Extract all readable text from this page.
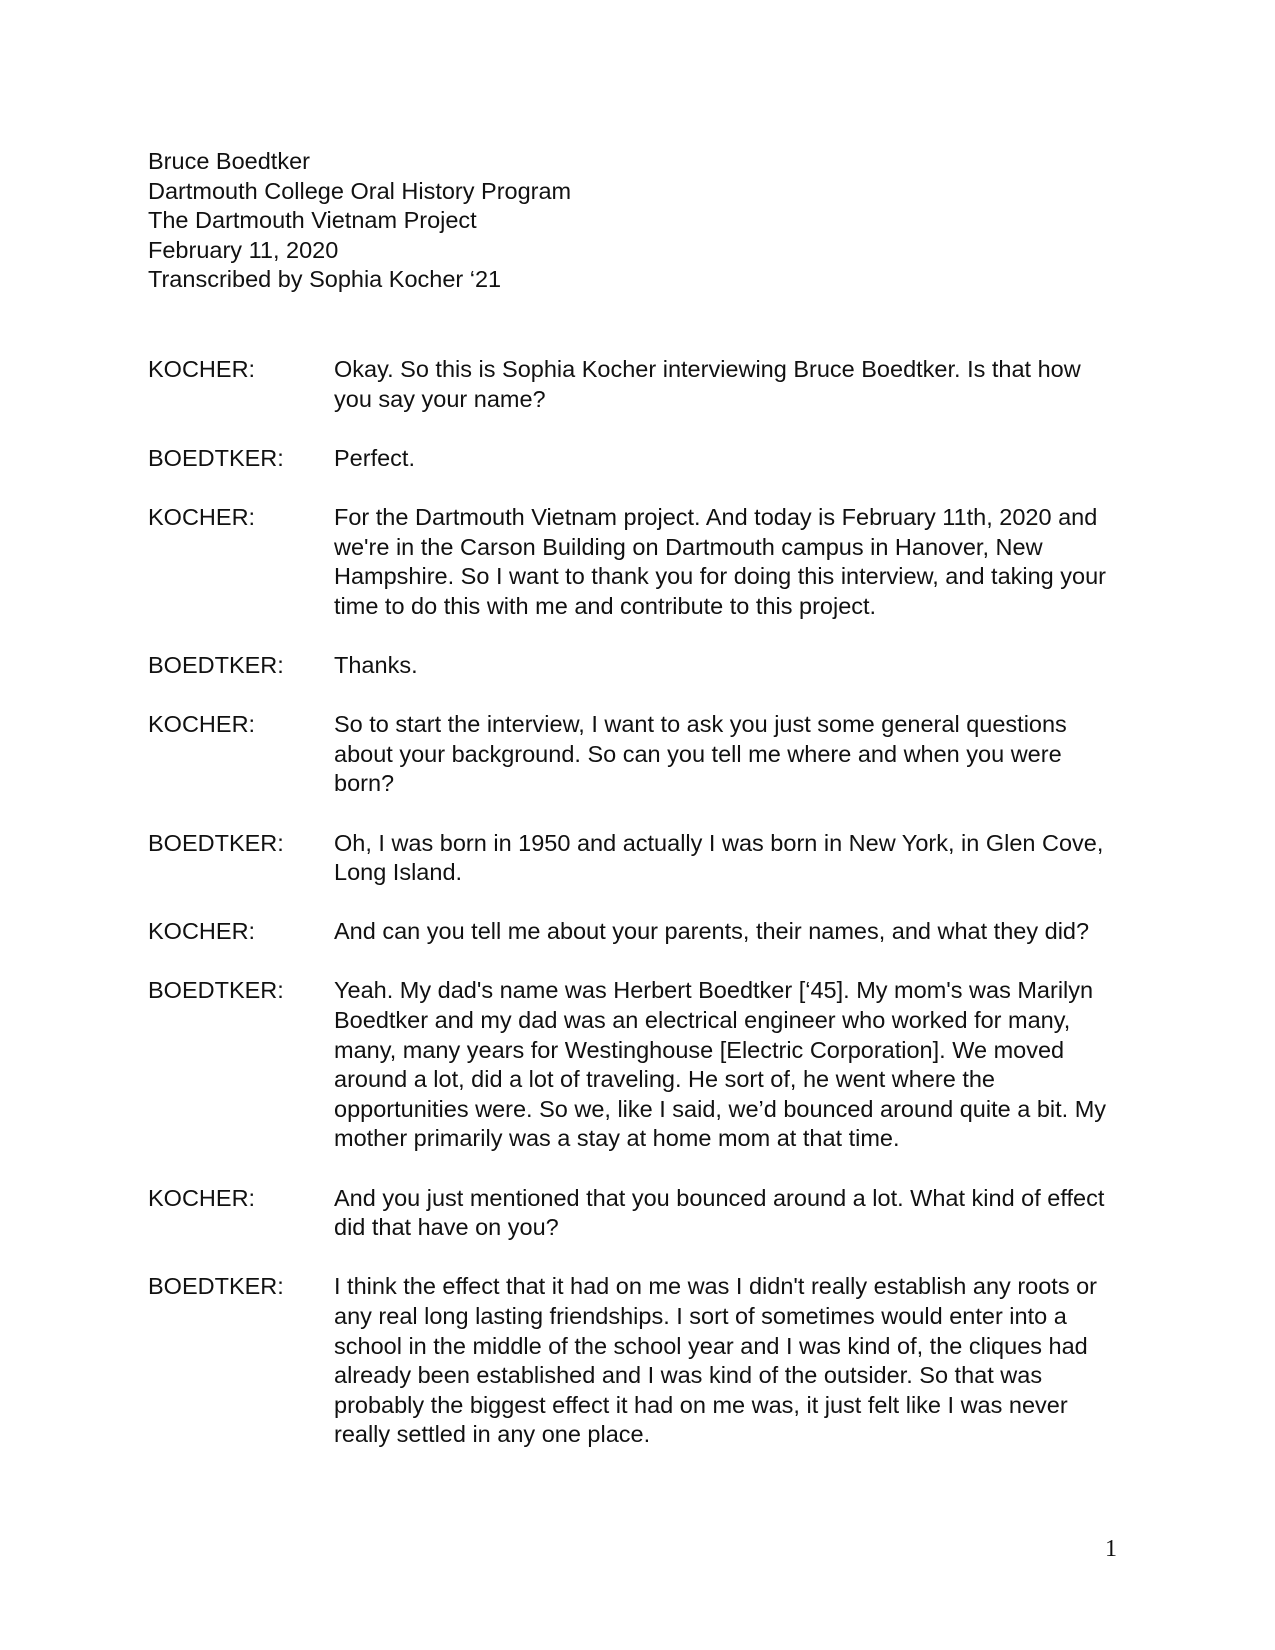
Bruce Boedtker
Dartmouth College Oral History Program
The Dartmouth Vietnam Project
February 11, 2020
Transcribed by Sophia Kocher ‘21
KOCHER:	Okay. So this is Sophia Kocher interviewing Bruce Boedtker. Is that how you say your name?
BOEDTKER:	Perfect.
KOCHER:	For the Dartmouth Vietnam project. And today is February 11th, 2020 and we're in the Carson Building on Dartmouth campus in Hanover, New Hampshire. So I want to thank you for doing this interview, and taking your time to do this with me and contribute to this project.
BOEDTKER:	Thanks.
KOCHER:	So to start the interview, I want to ask you just some general questions about your background. So can you tell me where and when you were born?
BOEDTKER:	Oh, I was born in 1950 and actually I was born in New York, in Glen Cove, Long Island.
KOCHER:	And can you tell me about your parents, their names, and what they did?
BOEDTKER:	Yeah. My dad's name was Herbert Boedtker [‘45]. My mom's was Marilyn Boedtker and my dad was an electrical engineer who worked for many, many, many years for Westinghouse [Electric Corporation]. We moved around a lot, did a lot of traveling. He sort of, he went where the opportunities were. So we, like I said, we’d bounced around quite a bit. My mother primarily was a stay at home mom at that time.
KOCHER:	And you just mentioned that you bounced around a lot. What kind of effect did that have on you?
BOEDTKER:	I think the effect that it had on me was I didn't really establish any roots or any real long lasting friendships. I sort of sometimes would enter into a school in the middle of the school year and I was kind of, the cliques had already been established and I was kind of the outsider. So that was probably the biggest effect it had on me was, it just felt like I was never really settled in any one place.
1
